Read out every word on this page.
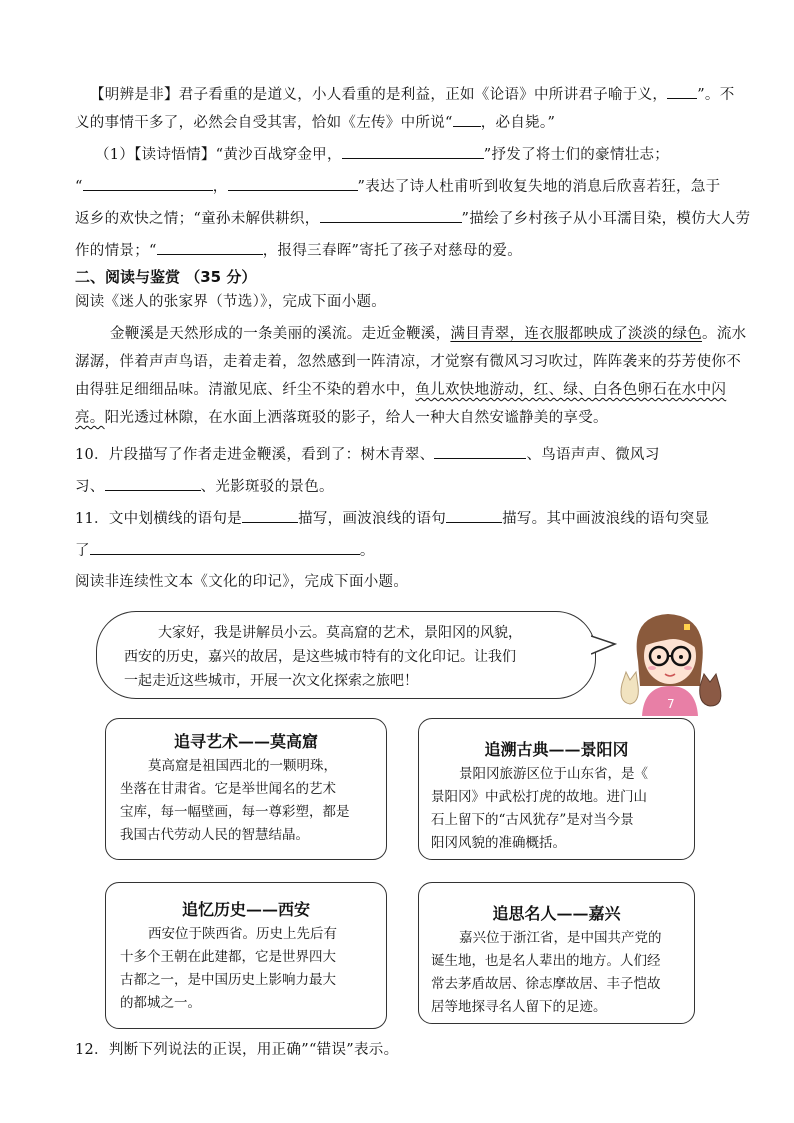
【明辨是非】君子看重的是道义，小人看重的是利益，正如《论语》中所讲君子喻于义， ”。不
义的事情干多了，必然会自受其害，恰如《左传》中所说“ ，必自毙。”
（1）【读诗悟情】“黄沙百战穿金甲，	”抒发了将士们的豪情壮志；
“	，	”表达了诗人杜甫听到收复失地的消息后欣喜若狂，急于
返乡的欢快之情；“童孙未解供耕织，	”描绘了乡村孩子从小耳濡目染，模仿大人劳
作的情景；“	，报得三春晖”寄托了孩子对慈母的爱。
二、阅读与鉴赏 （35 分）
阅读《迷人的张家界（节选）》，完成下面小题。
金鞭溪是天然形成的一条美丽的溪流。走近金鞭溪，满目青翠，连衣服都映成了淡淡的绿色。流水
潺潺，伴着声声鸟语，走着走着，忽然感到一阵清凉，才觉察有微风习习吹过，阵阵袭来的芬芳使你不
由得驻足细细品味。清澈见底、纤尘不染的碧水中，鱼儿欢快地游动，红、绿、白各色卵石在水中闪
亮。阳光透过林隙，在水面上洒落斑驳的影子，给人一种大自然安谧静美的享受。
10．片段描写了作者走进金鞭溪，看到了：树木青翠、	、鸟语声声、微风习
习、	、光影斑驳的景色。
11．文中划横线的语句是	描写，画波浪线的语句	描写。其中画波浪线的语句突显
了	。
阅读非连续性文本《文化的印记》，完成下面小题。
大家好，我是讲解员小云。莫高窟的艺术，景阳冈的风貌，
西安的历史，嘉兴的故居，是这些城市特有的文化印记。让我们
一起走近这些城市，开展一次文化探索之旅吧！
7
追寻艺术——莫高窟
莫高窟是祖国西北的一颗明珠，
坐落在甘肃省。它是举世闻名的艺术
宝库，每一幅壁画，每一尊彩塑，都是
我国古代劳动人民的智慧结晶。
追溯古典——景阳冈
景阳冈旅游区位于山东省，是《
景阳冈》中武松打虎的故地。进门山
石上留下的“古风犹存”是对当今景
阳冈风貌的准确概括。
追忆历史——西安
西安位于陕西省。历史上先后有
十多个王朝在此建都，它是世界四大
古都之一，是中国历史上影响力最大
的都城之一。
追思名人——嘉兴
嘉兴位于浙江省，是中国共产党的
诞生地，也是名人辈出的地方。人们经
常去茅盾故居、徐志摩故居、丰子恺故
居等地探寻名人留下的足迹。
12．判断下列说法的正误，用正确”“错误”表示。
